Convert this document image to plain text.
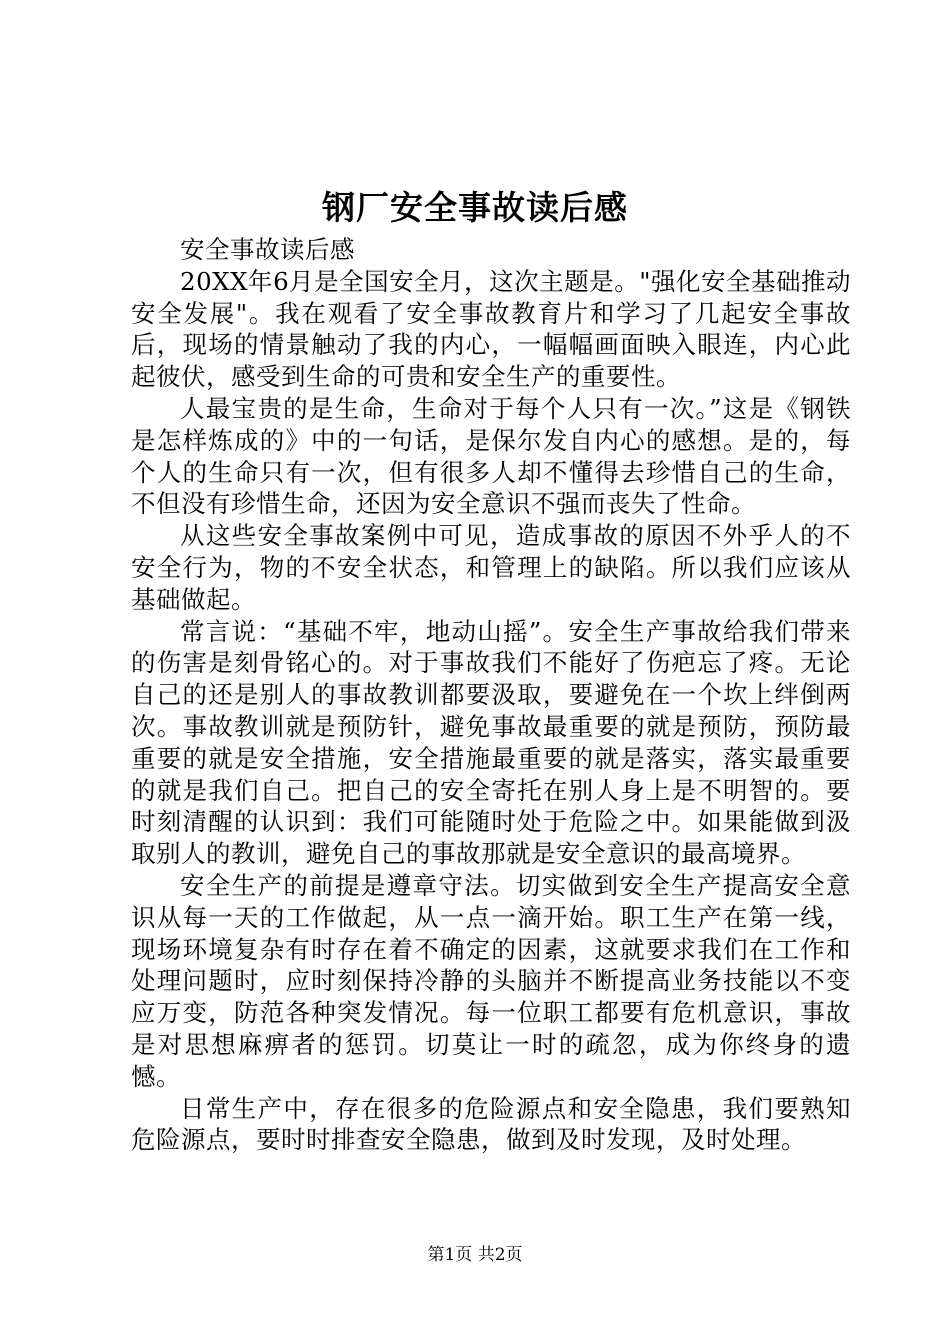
钢厂安全事故读后感

安全事故读后感

20XX年6月是全国安全月，这次主题是。"强化安全基础推动安全发展"。我在观看了安全事故教育片和学习了几起安全事故后，现场的情景触动了我的内心，一幅幅画面映入眼连，内心此起彼伏，感受到生命的可贵和安全生产的重要性。

人最宝贵的是生命，生命对于每个人只有一次。”这是《钢铁是怎样炼成的》中的一句话，是保尔发自内心的感想。是的，每个人的生命只有一次，但有很多人却不懂得去珍惜自己的生命，不但没有珍惜生命，还因为安全意识不强而丧失了性命。

从这些安全事故案例中可见，造成事故的原因不外乎人的不安全行为，物的不安全状态，和管理上的缺陷。所以我们应该从基础做起。

常言说：“基础不牢，地动山摇”。安全生产事故给我们带来的伤害是刻骨铭心的。对于事故我们不能好了伤疤忘了疼。无论自己的还是别人的事故教训都要汲取，要避免在一个坎上绊倒两次。事故教训就是预防针，避免事故最重要的就是预防，预防最重要的就是安全措施，安全措施最重要的就是落实，落实最重要的就是我们自己。把自己的安全寄托在别人身上是不明智的。要时刻清醒的认识到：我们可能随时处于危险之中。如果能做到汲取别人的教训，避免自己的事故那就是安全意识的最高境界。

安全生产的前提是遵章守法。切实做到安全生产提高安全意识从每一天的工作做起，从一点一滴开始。职工生产在第一线，现场环境复杂有时存在着不确定的因素，这就要求我们在工作和处理问题时，应时刻保持冷静的头脑并不断提高业务技能以不变应万变，防范各种突发情况。每一位职工都要有危机意识，事故是对思想麻痹者的惩罚。切莫让一时的疏忽，成为你终身的遗憾。

日常生产中，存在很多的危险源点和安全隐患，我们要熟知危险源点，要时时排查安全隐患，做到及时发现，及时处理。

第1页 共2页
